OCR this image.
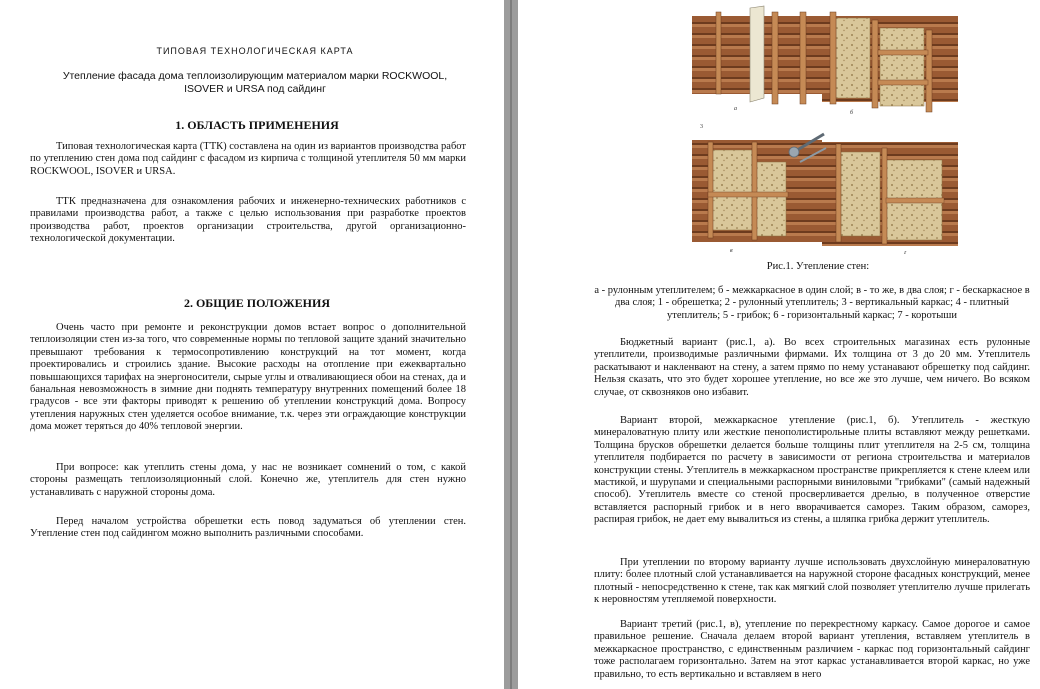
ТИПОВАЯ ТЕХНОЛОГИЧЕСКАЯ КАРТА
Утепление фасада дома теплоизолирующим материалом марки ROCKWOOL,
ISOVER и URSA под сайдинг
1. ОБЛАСТЬ ПРИМЕНЕНИЯ

Типовая технологическая карта (ТТК) составлена на один из вариантов производства работ по утеплению стен дома под сайдинг с фасадом из кирпича с толщиной утеплителя 50 мм марки ROCKWOOL, ISOVER и URSA.

ТТК предназначена для ознакомления рабочих и инженерно-технических работников с правилами производства работ, а также с целью использования при разработке проектов производства работ, проектов организации строительства, другой организационно-технологической документации.

2. ОБЩИЕ ПОЛОЖЕНИЯ

Очень часто при ремонте и реконструкции домов встает вопрос о дополнительной теплоизоляции стен из-за того, что современные нормы по тепловой защите зданий значительно превышают требования к термосопротивлению конструкций на тот момент, когда проектировались и строились здание. Высокие расходы на отопление при ежеквартально повышающихся тарифах на энергоносители, сырые углы и отваливающиеся обои на стенах, да и банальная невозможность в зимние дни поднять температуру внутренних помещений более 18 градусов - все эти факторы приводят к решению об утеплении конструкций дома. Вопросу утепления наружных стен уделяется особое внимание, т.к. через эти ограждающие конструкции дома может теряться до 40% тепловой энергии.

При вопросе: как утеплить стены дома, у нас не возникает сомнений о том, с какой стороны размещать теплоизоляционный слой. Конечно же, утеплитель для стен нужно устанавливать с наружной стороны дома.

Перед началом устройства обрешетки есть повод задуматься об утеплении стен. Утепление стен под сайдингом можно выполнить различными способами.

а
б
3
в	г
Рис.1. Утепление стен:
а - рулонным утеплителем; б - межкаркасное в один слой; в - то же, в два слоя; г - бескаркасное в два слоя; 1 - обрешетка; 2 - рулонный утеплитель; 3 - вертикальный каркас; 4 - плитный утеплитель; 5 - грибок; 6 - горизонтальный каркас; 7 - коротыши

Бюджетный вариант (рис.1, а). Во всех строительных магазинах есть рулонные утеплители, производимые различными фирмами. Их толщина от 3 до 20 мм. Утеплитель раскатывают и накленвают на стену, а затем прямо по нему устанавают обрешетку под сайдинг. Нельзя сказать, что это будет хорошее утепление, но все же это лучше, чем ничего. Во всяком случае, от сквозняков оно избавит.

Вариант второй, межкаркасное утепление (рис.1, б). Утеплитель - жесткую минераловатную плиту или жесткие пенополистирольные плиты вставляют между решетками. Толщина брусков обрешетки делается больше толщины плит утеплителя на 2-5 см, толщина утеплителя подбирается по расчету в зависимости от региона строительства и материалов конструкции стены. Утеплитель в межкаркасном пространстве прикрепляется к стене клеем или мастикой, и шурупами и специальными распорными виниловыми "грибками" (самый надежный способ). Утеплитель вместе со стеной просверливается дрелью, в полученное отверстие вставляется распорный грибок и в него вворачивается саморез. Таким образом, саморез, распирая грибок, не дает ему вывалиться из стены, а шляпка грибка держит утеплитель.

При утеплении по второму варианту лучше использовать двухслойную минераловатную плиту: более плотный слой устанавливается на наружной стороне фасадных конструкций, менее плотный - непосредственно к стене, так как мягкий слой позволяет утеплителю лучше прилегать к неровностям утепляемой поверхности.

Вариант третий (рис.1, в), утепление по перекрестному каркасу. Самое дорогое и самое правильное решение. Сначала делаем второй вариант утепления, вставляем утеплитель в межкаркасное пространство, с единственным различием - каркас под горизонтальный сайдинг тоже располагаем горизонтально. Затем на этот каркас устанавливается второй каркас, но уже правильно, то есть вертикально и вставляем в него
